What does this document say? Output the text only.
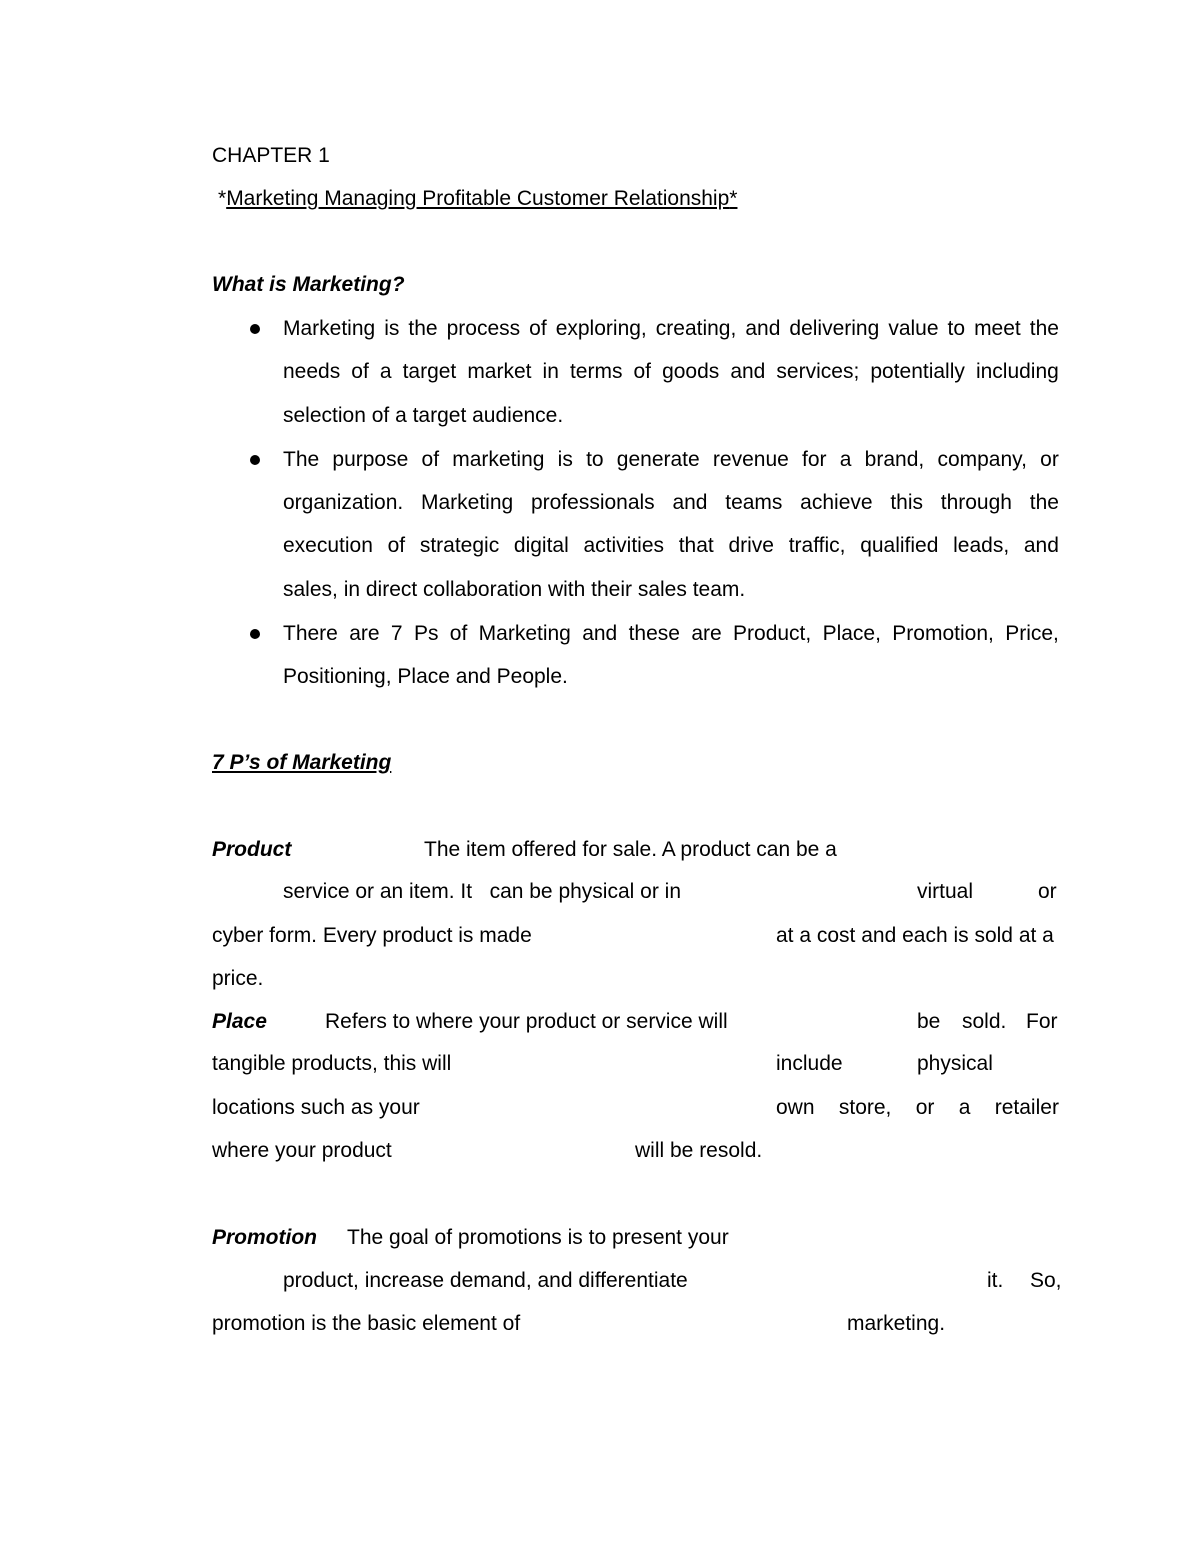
CHAPTER 1
*Marketing Managing Profitable Customer Relationship*
What is Marketing?
Marketing is the process of exploring, creating, and delivering value to meet the
needs of a target market in terms of goods and services; potentially including
selection of a target audience.
The purpose of marketing is to generate revenue for a brand, company, or
organization. Marketing professionals and teams achieve this through the
execution of strategic digital activities that drive traffic, qualified leads, and
sales, in direct collaboration with their sales team.
There are 7 Ps of Marketing and these are Product, Place, Promotion, Price,
Positioning, Place and People.
7 P’s of Marketing
Product	The item offered for sale. A product can be a
service or an item. It   can be physical or in	virtual	or
cyber form. Every product is made	at a cost and each is sold at a
price.
Place	Refers to where your product or service will	be sold. For
tangible products, this will	include	physical
locations such as your	own store, or a retailer
where your product	will be resold.
Promotion The goal of promotions is to present your
product, increase demand, and differentiate	it. So,
promotion is the basic element of	marketing.
